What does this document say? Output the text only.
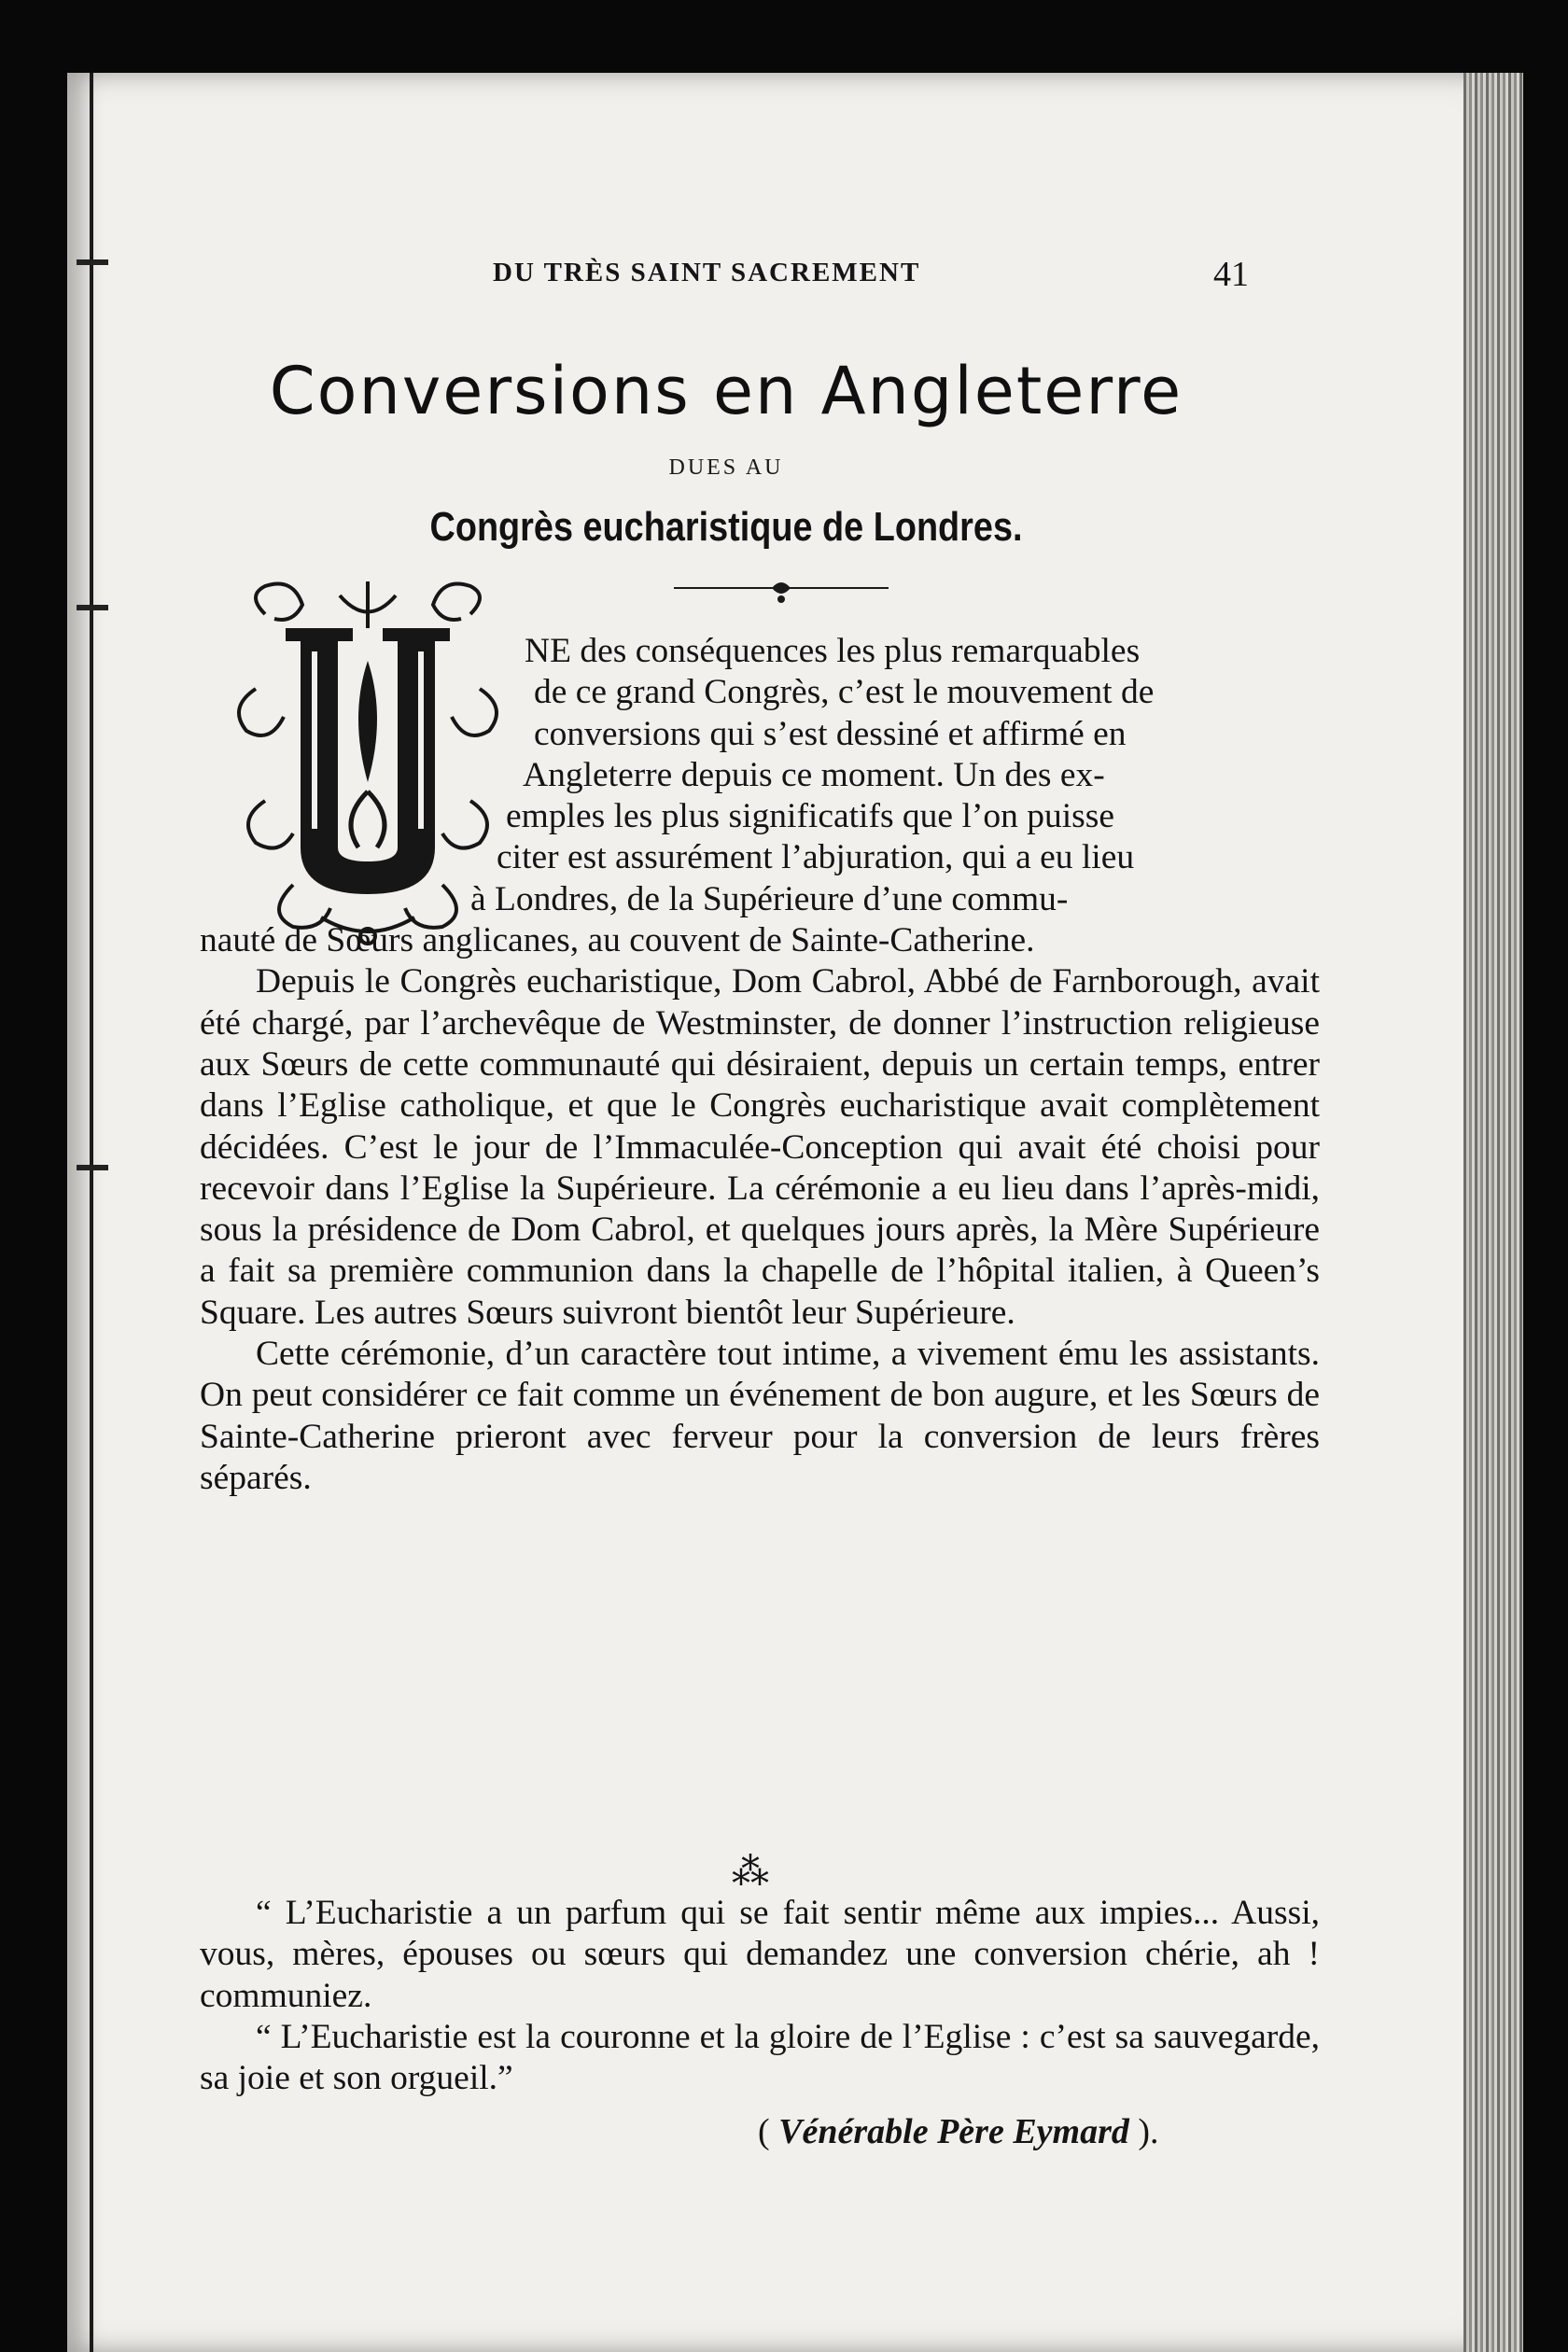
DU TRÈS SAINT SACREMENT	41
Conversions en Angleterre
DUES AU
Congrès eucharistique de Londres.

NE des conséquences les plus remarquables
de ce grand Congrès, c’est le mouvement de
conversions qui s’est dessiné et affirmé en
Angleterre depuis ce moment. Un des ex-
emples les plus significatifs que l’on puisse
citer est assurément l’abjuration, qui a eu lieu
à Londres, de la Supérieure d’une commu-
nauté de Sœurs anglicanes, au couvent de Sainte-Catherine.

Depuis le Congrès eucharistique, Dom Cabrol, Abbé de Farnborough, avait été chargé, par l’archevêque de Westminster, de donner l’instruction religieuse aux Sœurs de cette communauté qui désiraient, depuis un certain temps, entrer dans l’Eglise catholique, et que le Congrès eucharistique avait complètement décidées. C’est le jour de l’Immaculée-Conception qui avait été choisi pour recevoir dans l’Eglise la Supérieure. La cérémonie a eu lieu dans l’après-midi, sous la présidence de Dom Cabrol, et quelques jours après, la Mère Supérieure a fait sa première communion dans la chapelle de l’hôpital italien, à Queen’s Square. Les autres Sœurs suivront bientôt leur Supérieure.

Cette cérémonie, d’un caractère tout intime, a vivement ému les assistants. On peut considérer ce fait comme un événement de bon augure, et les Sœurs de Sainte-Catherine prieront avec ferveur pour la conversion de leurs frères séparés.

⁂

“ L’Eucharistie a un parfum qui se fait sentir même aux impies... Aussi, vous, mères, épouses ou sœurs qui demandez une conversion chérie, ah ! communiez.

“ L’Eucharistie est la couronne et la gloire de l’Eglise : c’est sa sauvegarde, sa joie et son orgueil.”

( Vénérable Père Eymard ).
